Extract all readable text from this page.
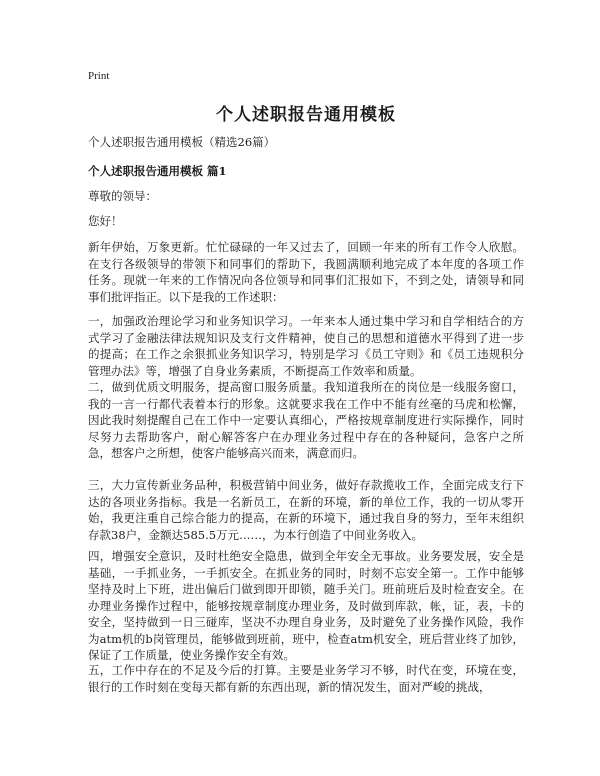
Print
个人述职报告通用模板
个人述职报告通用模板（精选26篇）
个人述职报告通用模板 篇1
尊敬的领导：
您好！

新年伊始，万象更新。忙忙碌碌的一年又过去了，回顾一年来的所有工作令人欣慰。在支行各级领导的带领下和同事们的帮助下，我圆满顺利地完成了本年度的各项工作任务。现就一年来的工作情况向各位领导和同事们汇报如下，不到之处，请领导和同事们批评指正。以下是我的工作述职：

一，加强政治理论学习和业务知识学习。一年来本人通过集中学习和自学相结合的方式学习了金融法律法规知识及支行文件精神，使自己的思想和道德水平得到了进一步的提高；在工作之余狠抓业务知识学习，特别是学习《员工守则》和《员工违规积分管理办法》等，增强了自身业务素质，不断提高工作效率和质量。

二，做到优质文明服务，提高窗口服务质量。我知道我所在的岗位是一线服务窗口，我的一言一行都代表着本行的形象。这就要求我在工作中不能有丝毫的马虎和松懈，因此我时刻提醒自己在工作中一定要认真细心，严格按规章制度进行实际操作，同时尽努力去帮助客户，耐心解答客户在办理业务过程中存在的各种疑问，急客户之所急，想客户之所想，使客户能够高兴而来，满意而归。

三，大力宣传新业务品种，积极营销中间业务，做好存款揽收工作，全面完成支行下达的各项业务指标。我是一名新员工，在新的环境，新的单位工作，我的一切从零开始，我更注重自己综合能力的提高，在新的环境下，通过我自身的努力，至年末组织存款38户，金额达585.5万元……，为本行创造了中间业务收入。

四，增强安全意识，及时杜绝安全隐患，做到全年安全无事故。业务要发展，安全是基础，一手抓业务，一手抓安全。在抓业务的同时，时刻不忘安全第一。工作中能够坚持及时上下班，进出偏后门做到即开即锁，随手关门。班前班后及时检查安全。在办理业务操作过程中，能够按规章制度办理业务，及时做到库款，帐，证，表，卡的安全，坚持做到一日三碰库，坚决不办理自身业务，及时避免了业务操作风险，我作为atm机的b岗管理员，能够做到班前，班中，检查atm机安全，班后营业终了加钞，保证了工作质量，使业务操作安全有效。

五，工作中存在的不足及今后的打算。主要是业务学习不够，时代在变，环境在变，银行的工作时刻在变每天都有新的东西出现，新的情况发生，面对严峻的挑战，
